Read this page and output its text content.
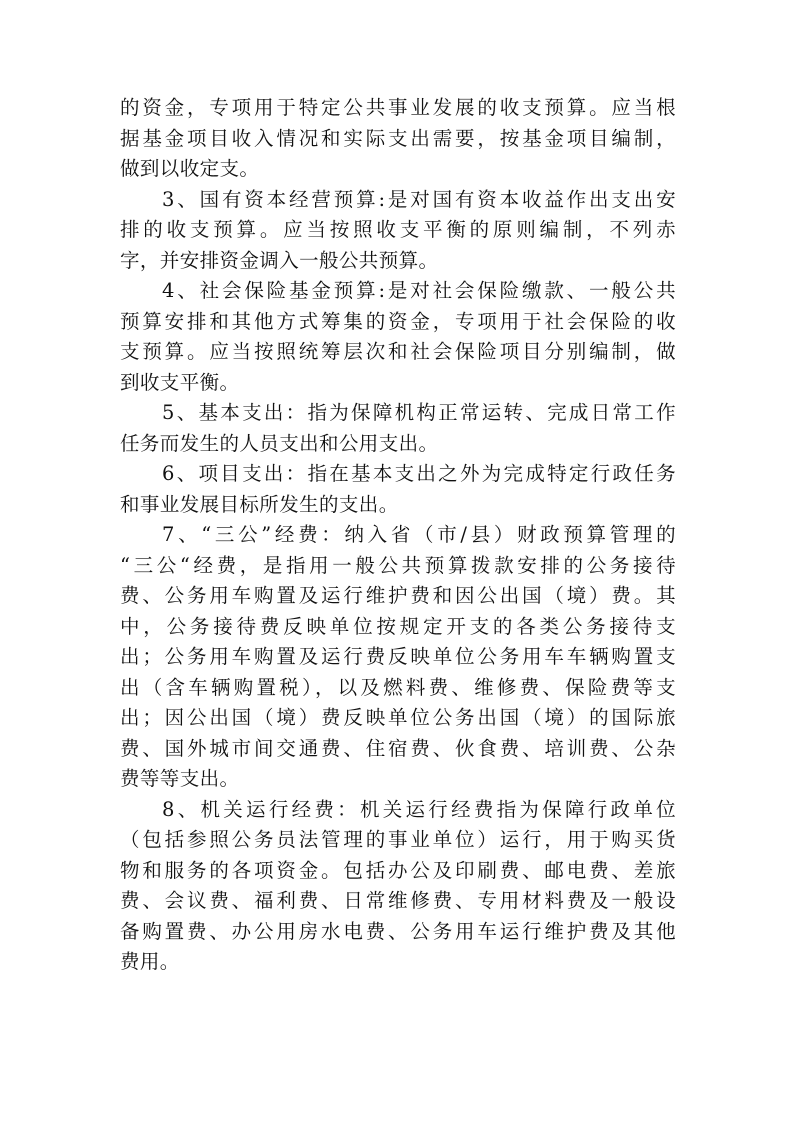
的资金，专项用于特定公共事业发展的收支预算。应当根
据基金项目收入情况和实际支出需要，按基金项目编制，
做到以收定支。
3、国有资本经营预算:是对国有资本收益作出支出安
排的收支预算。应当按照收支平衡的原则编制，不列赤
字，并安排资金调入一般公共预算。
4、社会保险基金预算:是对社会保险缴款、一般公共
预算安排和其他方式筹集的资金，专项用于社会保险的收
支预算。应当按照统筹层次和社会保险项目分别编制，做
到收支平衡。
5、基本支出：指为保障机构正常运转、完成日常工作
任务而发生的人员支出和公用支出。
6、项目支出：指在基本支出之外为完成特定行政任务
和事业发展目标所发生的支出。
7、“三公”经费：纳入省（市/县）财政预算管理的
“三公“经费，是指用一般公共预算拨款安排的公务接待
费、公务用车购置及运行维护费和因公出国（境）费。其
中，公务接待费反映单位按规定开支的各类公务接待支
出；公务用车购置及运行费反映单位公务用车车辆购置支
出（含车辆购置税），以及燃料费、维修费、保险费等支
出；因公出国（境）费反映单位公务出国（境）的国际旅
费、国外城市间交通费、住宿费、伙食费、培训费、公杂
费等等支出。
8、机关运行经费：机关运行经费指为保障行政单位
（包括参照公务员法管理的事业单位）运行，用于购买货
物和服务的各项资金。包括办公及印刷费、邮电费、差旅
费、会议费、福利费、日常维修费、专用材料费及一般设
备购置费、办公用房水电费、公务用车运行维护费及其他
费用。
